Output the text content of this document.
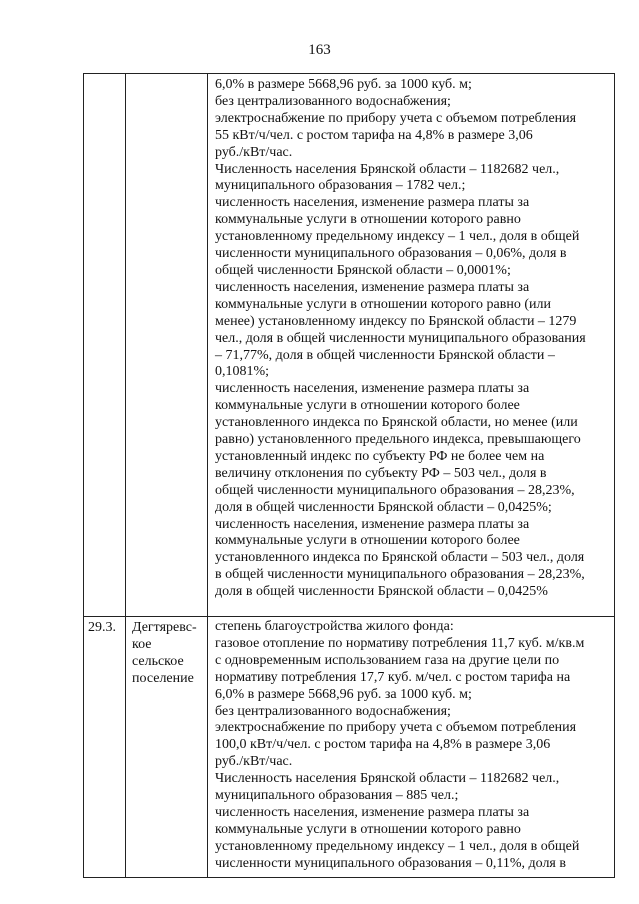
163
6,0% в размере 5668,96 руб. за 1000 куб. м;
без централизованного водоснабжения;
электроснабжение по прибору учета с объемом потребления
55 кВт/ч/чел. с ростом тарифа на 4,8% в размере 3,06
руб./кВт/час.
Численность населения Брянской области – 1182682 чел.,
муниципального образования – 1782 чел.;
численность населения, изменение размера платы за
коммунальные услуги в отношении которого равно
установленному предельному индексу – 1 чел., доля в общей
численности муниципального образования – 0,06%, доля в
общей численности Брянской области – 0,0001%;
численность населения, изменение размера платы за
коммунальные услуги в отношении которого равно (или
менее) установленному индексу по Брянской области – 1279
чел., доля в общей численности муниципального образования
– 71,77%, доля в общей численности Брянской области –
0,1081%;
численность населения, изменение размера платы за
коммунальные услуги в отношении которого более
установленного индекса по Брянской области, но менее (или
равно) установленного предельного индекса, превышающего
установленный индекс по субъекту РФ не более чем на
величину отклонения по субъекту РФ – 503 чел., доля в
общей численности муниципального образования – 28,23%,
доля в общей численности Брянской области – 0,0425%;
численность населения, изменение размера платы за
коммунальные услуги в отношении которого более
установленного индекса по Брянской области – 503 чел., доля
в общей численности муниципального образования – 28,23%,
доля в общей численности Брянской области – 0,0425%
29.3. Дегтяревс-
кое
сельское
поселение
степень благоустройства жилого фонда:
газовое отопление по нормативу потребления 11,7 куб. м/кв.м
с одновременным использованием газа на другие цели по
нормативу потребления 17,7 куб. м/чел. с ростом тарифа на
6,0% в размере 5668,96 руб. за 1000 куб. м;
без централизованного водоснабжения;
электроснабжение по прибору учета с объемом потребления
100,0 кВт/ч/чел. с ростом тарифа на 4,8% в размере 3,06
руб./кВт/час.
Численность населения Брянской области – 1182682 чел.,
муниципального образования – 885 чел.;
численность населения, изменение размера платы за
коммунальные услуги в отношении которого равно
установленному предельному индексу – 1 чел., доля в общей
численности муниципального образования – 0,11%, доля в
